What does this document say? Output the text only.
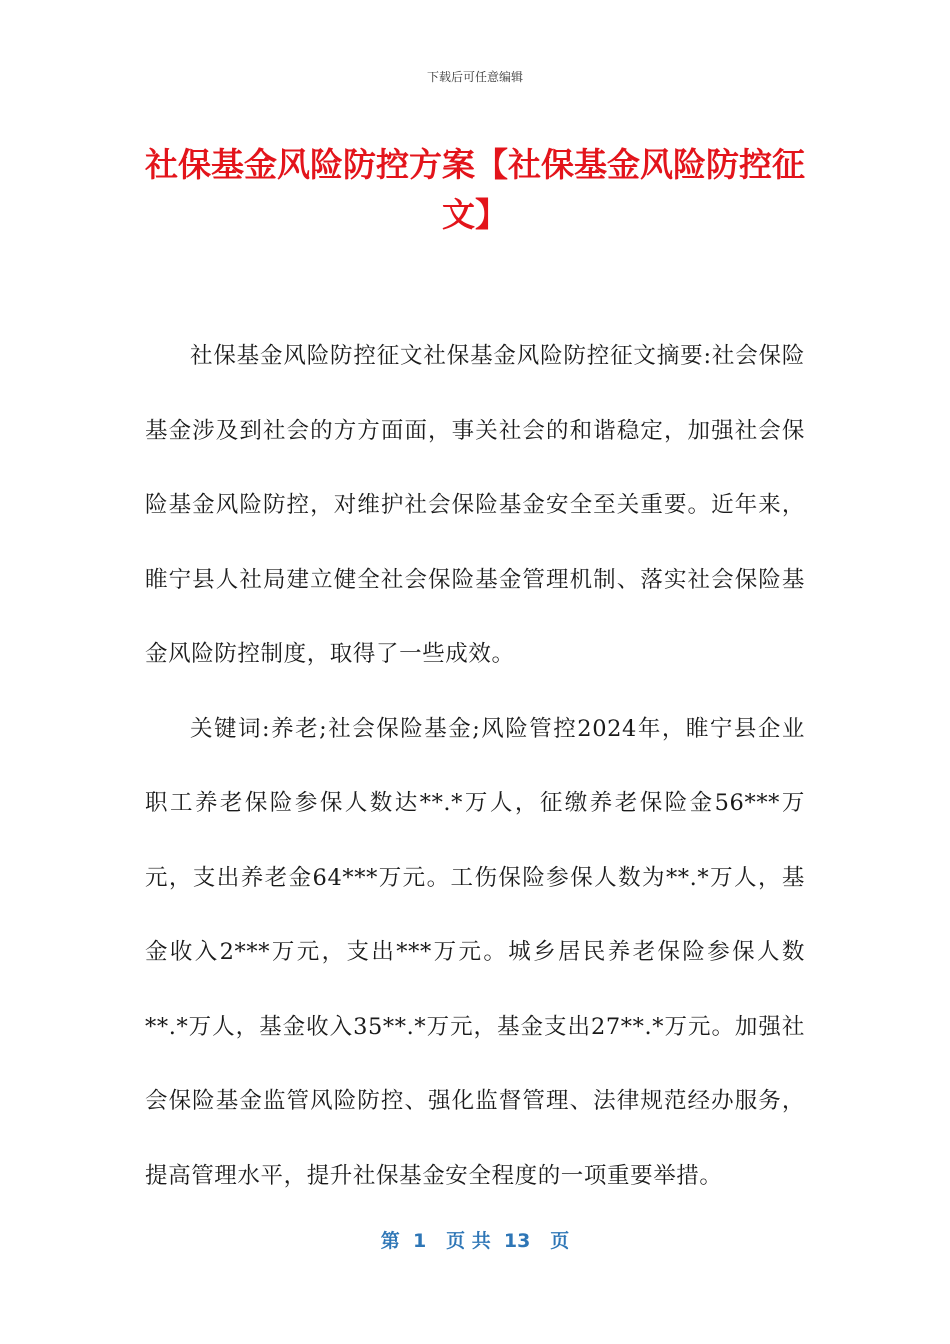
下载后可任意编辑
社保基金风险防控方案【社保基金风险防控征文】

社保基金风险防控征文社保基金风险防控征文摘要:社会保险基金涉及到社会的方方面面，事关社会的和谐稳定，加强社会保险基金风险防控，对维护社会保险基金安全至关重要。近年来，睢宁县人社局建立健全社会保险基金管理机制、落实社会保险基金风险防控制度，取得了一些成效。

关键词:养老;社会保险基金;风险管控2024年，睢宁县企业职工养老保险参保人数达**.*万人，征缴养老保险金56***万元，支出养老金64***万元。工伤保险参保人数为**.*万人，基金收入2***万元，支出***万元。城乡居民养老保险参保人数**.*万人，基金收入35**.*万元，基金支出27**.*万元。加强社会保险基金监管风险防控、强化监督管理、法律规范经办服务，提高管理水平，提升社保基金安全程度的一项重要举措。

第  1   页 共  13   页
